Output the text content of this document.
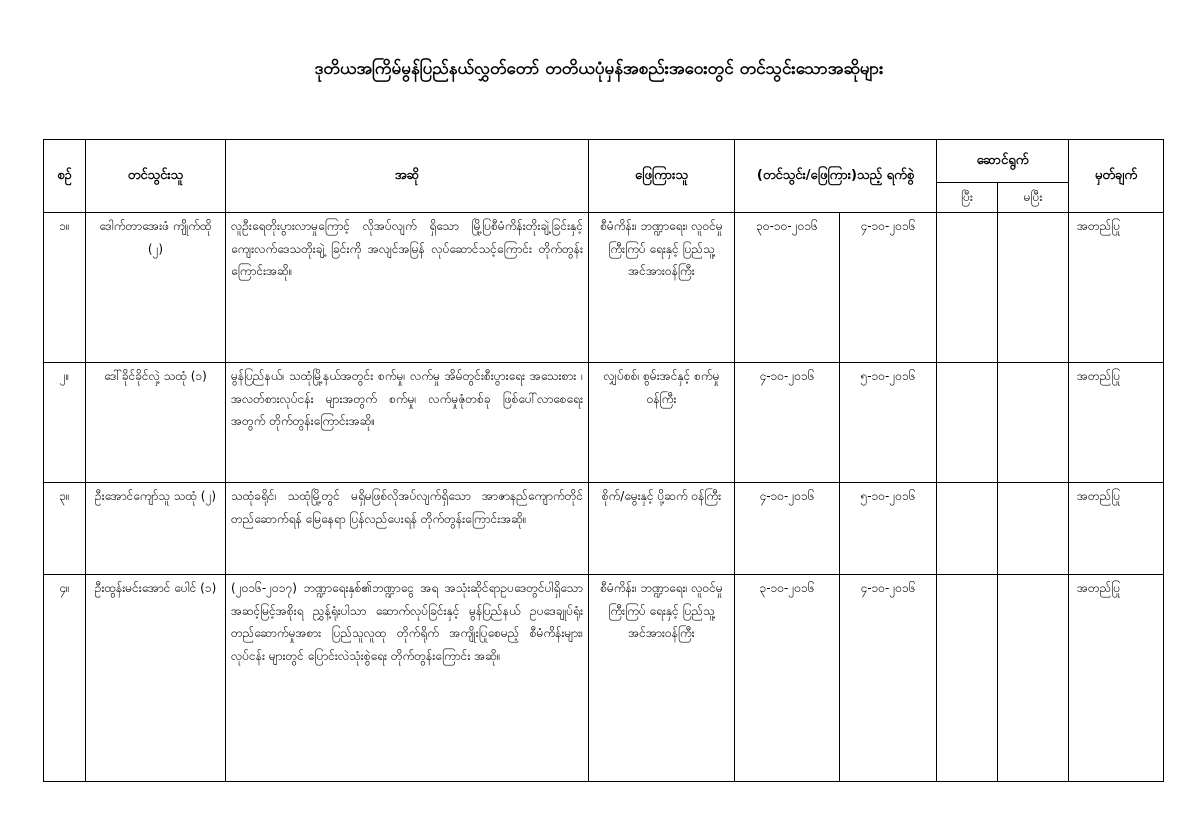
ဒုတိယအကြိမ်မွန်ပြည်နယ်လွှတ်တော် တတိယပုံမှန်အစည်းအဝေးတွင် တင်သွင်းသောအဆိုများ
စဉ်	တင်သွင်းသူ	အဆို	ဖြေကြားသူ	(တင်သွင်း/ဖြေကြား)သည့် ရက်စွဲ		ဆောင်ရွက်		မှတ်ချက်
						ပြီး	မပြီး	
၁။	ဒေါက်တာအေးဖံ ကျိုက်ထို (၂)	လူဦးရေတိုးပွားလာမှုကြောင့် လိုအပ်လျက် ရှိသော မြို့ပြစီမံကိန်းတိုးချဲ့ခြင်းနှင့် ကျေးလက်ဒေသတိုးချဲ့ ခြင်းကို အလျင်အမြန် လုပ်ဆောင်သင့်ကြောင်း တိုက်တွန်းကြောင်းအဆို။	စီမံကိန်း၊ ဘဏ္ဍာရေး၊ လူဝင်မှုကြီးကြပ် ရေးနှင့် ပြည်သူ့ အင်အားဝန်ကြီး	၃၀-၁၀-၂၀၁၆	၄-၁၀-၂၀၁၆			အတည်ပြု
၂။	ဒေါ်ခိုင်ခိုင်လှဲ့ သထုံ (၁)	မွန်ပြည်နယ်၊ သထုံမြို့နယ်အတွင်း စက်မှု၊ လက်မှု အိမ်တွင်းစီးပွားရေး အသေးစား ၊ အလတ်စားလုပ်ငန်း များအတွက် စက်မှု၊ လက်မှုဇုံတစ်ခု ဖြစ်ပေါ်လာစေရေး အတွက် တိုက်တွန်းကြောင်းအဆို။	လျှပ်စစ်၊ စွမ်းအင်နှင့် စက်မှုဝန်ကြီး	၄-၁၀-၂၀၁၆	၅-၁၀-၂၀၁၆			အတည်ပြု
၃။	ဦးအောင်ကျော်သူ သထုံ (၂)	သထုံခရိုင်၊ သထုံမြို့တွင် မရှိမဖြစ်လိုအပ်လျက်ရှိသော အာဇာနည်ကျောက်တိုင် တည်ဆောက်ရန် မြေနေရာ ပြန်လည်ပေးရန် တိုက်တွန်းကြောင်းအဆို။	စိုက်/မွေးနှင့် ပို့ဆက် ဝန်ကြီး	၄-၁၀-၂၀၁၆	၅-၁၀-၂၀၁၆			အတည်ပြု
၄။	ဦးထွန်းမင်းအောင် ပေါင် (၁)	(၂၀၁၆-၂၀၁၇) ဘဏ္ဍာရေးနှစ်၏ဘဏ္ဍာငွေ အရ အသုံးဆိုင်ရာဥပဒေတွင်ပါရှိသော အဆင့်မြင့်အစိုးရ ညွှန့်ရုံးပါသာ ဆောက်လုပ်ခြင်းနှင့် မွန်ပြည်နယ် ဥပဒေချုပ်ရုံး တည်ဆောက်မှုအစား ပြည်သူလူထု တိုက်ရိုက် အကျိုးပြုစေမည့် စီမံကိန်းများ၊ လုပ်ငန်း များတွင် ပြောင်းလဲသုံးစွဲရေး တိုက်တွန်းကြောင်း အဆို။	စီမံကိန်း၊ ဘဏ္ဍာရေး၊ လူဝင်မှုကြီးကြပ် ရေးနှင့် ပြည်သူ့ အင်အားဝန်ကြီး	၃-၁၀-၂၀၁၆	၄-၁၀-၂၀၁၆			အတည်ပြု
